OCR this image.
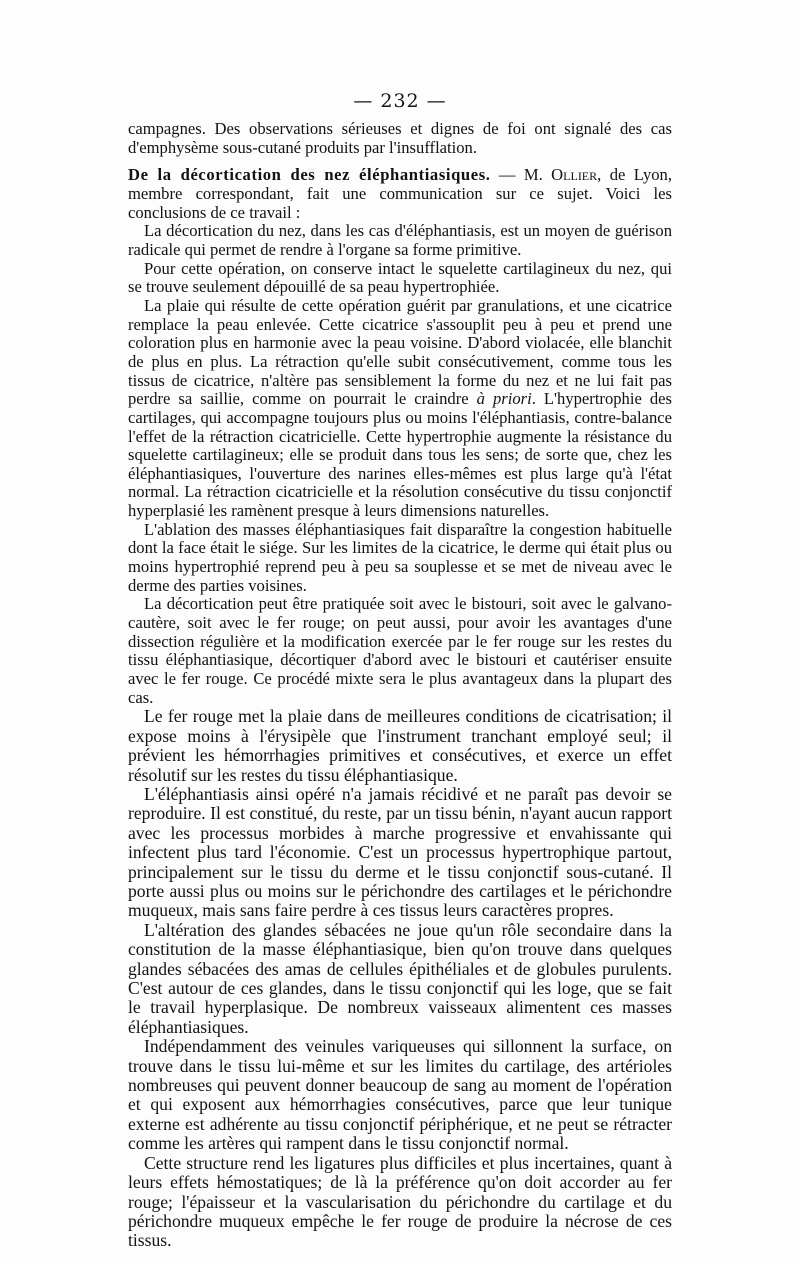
— 232 —

campagnes. Des observations sérieuses et dignes de foi ont signalé des cas d'emphysème sous-cutané produits par l'insufflation.

De la décortication des nez éléphantiasiques. — M. Ollier, de Lyon, membre correspondant, fait une communication sur ce sujet. Voici les conclusions de ce travail :

La décortication du nez, dans les cas d'éléphantiasis, est un moyen de guérison radicale qui permet de rendre à l'organe sa forme primitive.

Pour cette opération, on conserve intact le squelette cartilagineux du nez, qui se trouve seulement dépouillé de sa peau hypertrophiée.

La plaie qui résulte de cette opération guérit par granulations, et une cicatrice remplace la peau enlevée. Cette cicatrice s'assouplit peu à peu et prend une coloration plus en harmonie avec la peau voisine. D'abord violacée, elle blanchit de plus en plus. La rétraction qu'elle subit consécutivement, comme tous les tissus de cicatrice, n'altère pas sensiblement la forme du nez et ne lui fait pas perdre sa saillie, comme on pourrait le craindre à priori. L'hypertrophie des cartilages, qui accompagne toujours plus ou moins l'éléphantiasis, contre-balance l'effet de la rétraction cicatricielle. Cette hypertrophie augmente la résistance du squelette cartilagineux; elle se produit dans tous les sens; de sorte que, chez les éléphantiasiques, l'ouverture des narines elles-mêmes est plus large qu'à l'état normal. La rétraction cicatricielle et la résolution consécutive du tissu conjonctif hyperplasié les ramènent presque à leurs dimensions naturelles.

L'ablation des masses éléphantiasiques fait disparaître la congestion habituelle dont la face était le siége. Sur les limites de la cicatrice, le derme qui était plus ou moins hypertrophié reprend peu à peu sa souplesse et se met de niveau avec le derme des parties voisines.

La décortication peut être pratiquée soit avec le bistouri, soit avec le galvano-cautère, soit avec le fer rouge; on peut aussi, pour avoir les avantages d'une dissection régulière et la modification exercée par le fer rouge sur les restes du tissu éléphantiasique, décortiquer d'abord avec le bistouri et cautériser ensuite avec le fer rouge. Ce procédé mixte sera le plus avantageux dans la plupart des cas.

Le fer rouge met la plaie dans de meilleures conditions de cicatrisation; il expose moins à l'érysipèle que l'instrument tranchant employé seul; il prévient les hémorrhagies primitives et consécutives, et exerce un effet résolutif sur les restes du tissu éléphantiasique.

L'éléphantiasis ainsi opéré n'a jamais récidivé et ne paraît pas devoir se reproduire. Il est constitué, du reste, par un tissu bénin, n'ayant aucun rapport avec les processus morbides à marche progressive et envahissante qui infectent plus tard l'économie. C'est un processus hypertrophique partout, principalement sur le tissu du derme et le tissu conjonctif sous-cutané. Il porte aussi plus ou moins sur le périchondre des cartilages et le périchondre muqueux, mais sans faire perdre à ces tissus leurs caractères propres.

L'altération des glandes sébacées ne joue qu'un rôle secondaire dans la constitution de la masse éléphantiasique, bien qu'on trouve dans quelques glandes sébacées des amas de cellules épithéliales et de globules purulents. C'est autour de ces glandes, dans le tissu conjonctif qui les loge, que se fait le travail hyperplasique. De nombreux vaisseaux alimentent ces masses éléphantiasiques.

Indépendamment des veinules variqueuses qui sillonnent la surface, on trouve dans le tissu lui-même et sur les limites du cartilage, des artérioles nombreuses qui peuvent donner beaucoup de sang au moment de l'opération et qui exposent aux hémorrhagies consécutives, parce que leur tunique externe est adhérente au tissu conjonctif périphérique, et ne peut se rétracter comme les artères qui rampent dans le tissu conjonctif normal.

Cette structure rend les ligatures plus difficiles et plus incertaines, quant à leurs effets hémostatiques; de là la préférence qu'on doit accorder au fer rouge; l'épaisseur et la vascularisation du périchondre du cartilage et du périchondre muqueux empêche le fer rouge de produire la nécrose de ces tissus.
